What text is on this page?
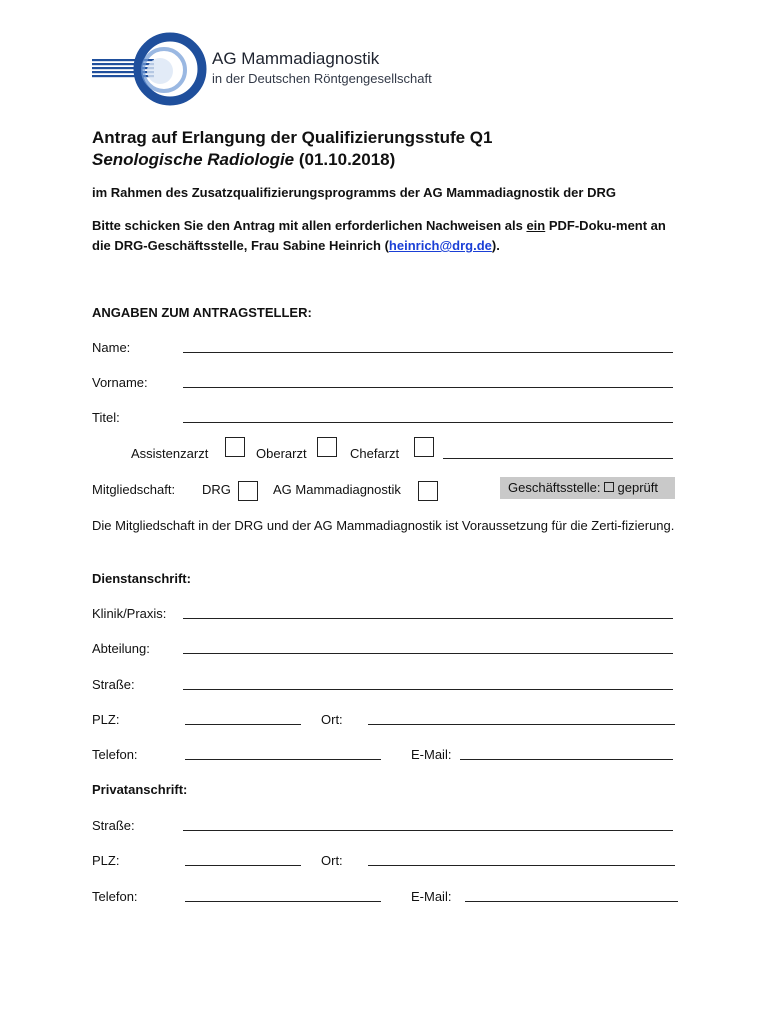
AG Mammadiagnostik
in der Deutschen Röntgengesellschaft
Antrag auf Erlangung der Qualifizierungsstufe Q1
Senologische Radiologie (01.10.2018)
im Rahmen des Zusatzqualifizierungsprogramms der AG Mammadiagnostik der DRG
Bitte schicken Sie den Antrag mit allen erforderlichen Nachweisen als ein PDF-Doku-ment an die DRG-Geschäftsstelle, Frau Sabine Heinrich (heinrich@drg.de).
ANGABEN ZUM ANTRAGSTELLER:
Name:
Vorname:
Titel:
Assistenzarzt	Oberarzt	Chefarzt
Mitgliedschaft: DRG	AG Mammadiagnostik	Geschäftsstelle: geprüft
Die Mitgliedschaft in der DRG und der AG Mammadiagnostik ist Voraussetzung für die Zerti-fizierung.
Dienstanschrift:
Klinik/Praxis:
Abteilung:
Straße:
PLZ:	Ort:
Telefon:	E-Mail:
Privatanschrift:
Straße:
PLZ:	Ort:
Telefon:	E-Mail:
